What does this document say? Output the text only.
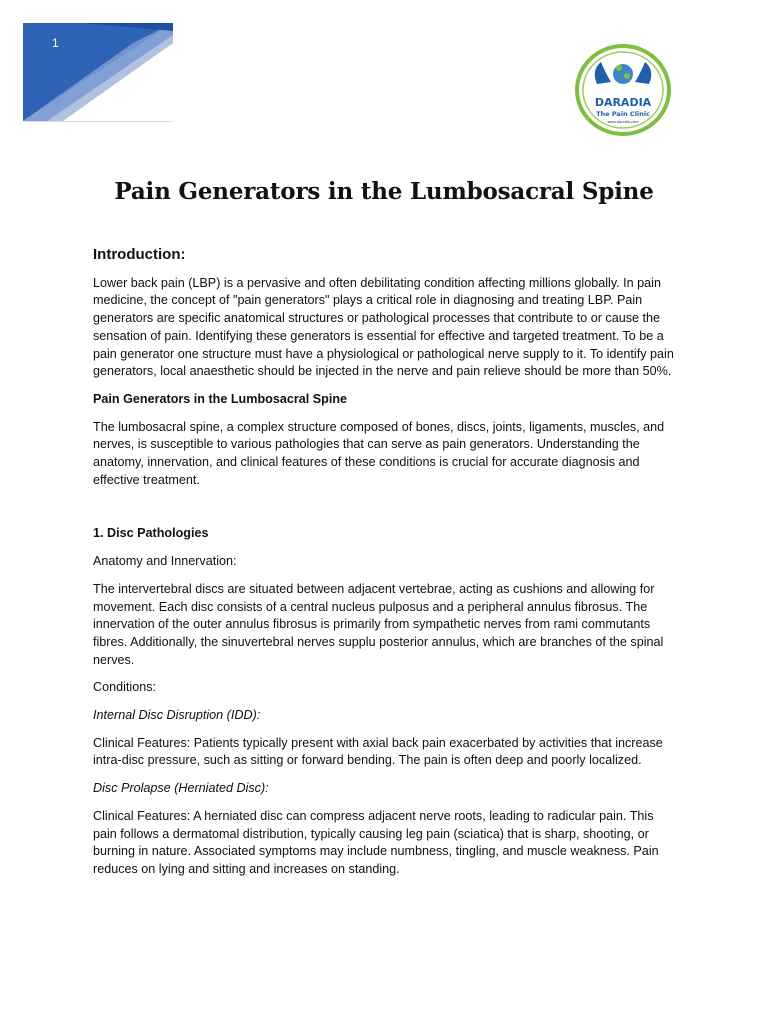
1
DARADIA
The Pain Clinic
www.daradia.com
Pain Generators in the Lumbosacral Spine
Introduction:

Lower back pain (LBP) is a pervasive and often debilitating condition affecting millions globally. In pain medicine, the concept of "pain generators" plays a critical role in diagnosing and treating LBP. Pain generators are specific anatomical structures or pathological processes that contribute to or cause the sensation of pain. Identifying these generators is essential for effective and targeted treatment. To be a pain generator one structure must have a physiological or pathological nerve supply to it. To identify pain generators, local anaesthetic should be injected in the nerve and pain relieve should be more than 50%.

Pain Generators in the Lumbosacral Spine

The lumbosacral spine, a complex structure composed of bones, discs, joints, ligaments, muscles, and nerves, is susceptible to various pathologies that can serve as pain generators. Understanding the anatomy, innervation, and clinical features of these conditions is crucial for accurate diagnosis and effective treatment.

1. Disc Pathologies

Anatomy and Innervation:

The intervertebral discs are situated between adjacent vertebrae, acting as cushions and allowing for movement. Each disc consists of a central nucleus pulposus and a peripheral annulus fibrosus. The innervation of the outer annulus fibrosus is primarily from sympathetic nerves from rami commutants fibres. Additionally, the sinuvertebral nerves supplu posterior annulus, which are branches of the spinal nerves.

Conditions:

Internal Disc Disruption (IDD):

Clinical Features: Patients typically present with axial back pain exacerbated by activities that increase intra-disc pressure, such as sitting or forward bending. The pain is often deep and poorly localized.

Disc Prolapse (Herniated Disc):

Clinical Features: A herniated disc can compress adjacent nerve roots, leading to radicular pain. This pain follows a dermatomal distribution, typically causing leg pain (sciatica) that is sharp, shooting, or burning in nature. Associated symptoms may include numbness, tingling, and muscle weakness. Pain reduces on lying and sitting and increases on standing.
